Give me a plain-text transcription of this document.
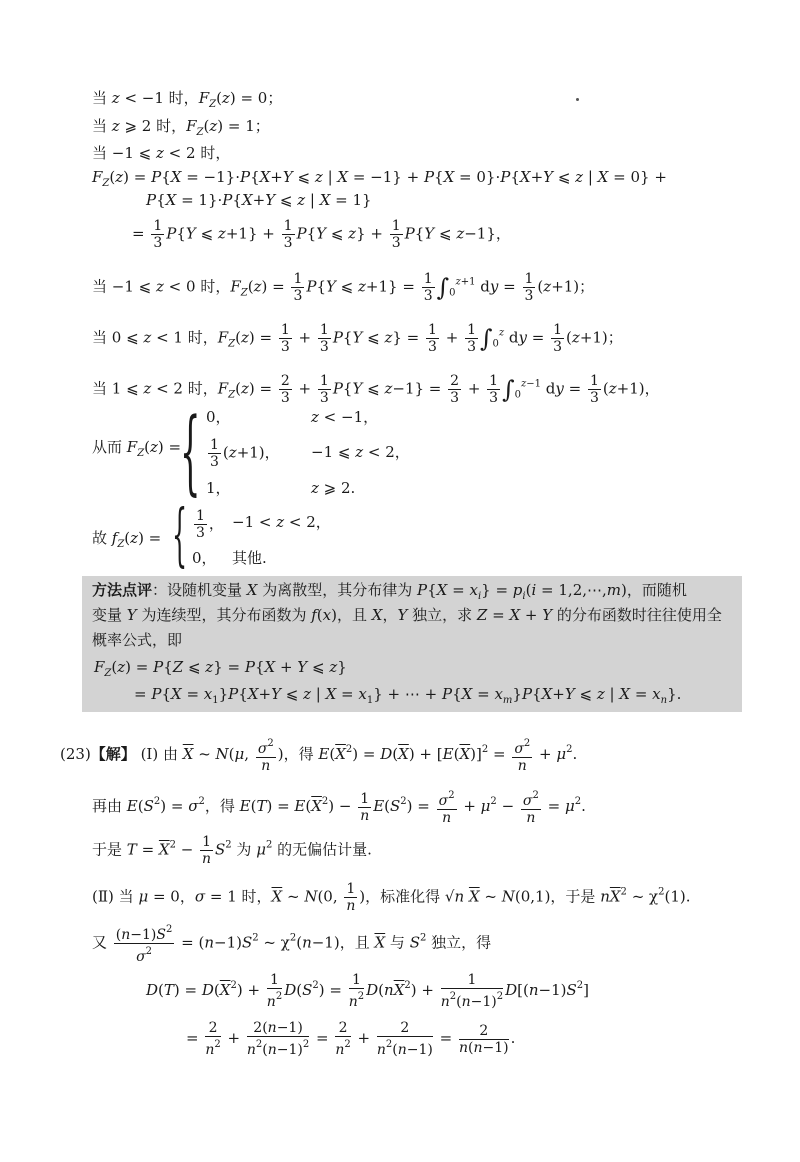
当 z < −1 时，$F_Z(z) = 0$；
当 z ⩾ 2 时，$F_Z(z) = 1$；
当 −1 ⩽ z < 2 时，
$F_Z(z) = P\{X = -1\}\cdot P\{X+Y$ ⩽ z | X = −1} + P{X = 0}·P{X+Y ⩽ z | X = 0} +
P{X = 1}·P{X+Y ⩽ z | X = 1}
= $\frac{1}{3} P\{Y$ ⩽ $z+1\} + \frac{1}{3} P\{Y$ ⩽ $z\} + \frac{1}{3} P\{Y$ ⩽ z−1}，
当 −1 ⩽ z < 0 时，$F_Z(z) = \frac{1}{3} P\{Y$ ⩽ $z+1\} = \frac{1}{3} \int_0^{z+1}$ dy = $\frac{1}{3} (z+1)$；
当 0 ⩽ z < 1 时，$F_Z(z) = \frac{1}{3} + \frac{1}{3} P\{Y$ ⩽ $z\} = \frac{1}{3} + \frac{1}{3} \int_0^z$ dy = $\frac{1}{3} (z+1)$；
当 1 ⩽ z < 2 时，$F_Z(z) = \frac{2}{3} + \frac{1}{3} P\{Y$ ⩽ $z-1\} = \frac{2}{3} + \frac{1}{3} \int_0^{z-1}$ dy = $\frac{1}{3} (z+1)$，
从而 $F_Z(z)$ =
{ 0，	z < −1，
$\frac{1}{3} (z+1)$， −1 ⩽ z < 2，
1，	z ⩾ 2.
故 $f_Z(z)$ = { $\frac{1}{3}$ ， −1 < z < 2，
0， 其他.
方法点评：设随机变量 X 为离散型，其分布律为 $P\{X = x_i\} = p_i(i$ = 1,2,⋯,m)，而随机
变量 Y 为连续型，其分布函数为 f(x)，且 X，Y 独立，求 Z = X + Y 的分布函数时往往使用全
概率公式，即
$F_Z(z) = P\{Z$ ⩽ z} = P{X + Y ⩽ z}
= $P\{X = x_1\}P\{X+Y$ ⩽ z | $X = x_1$} + ⋯ + $P\{X = x_m\}P\{X+Y$ ⩽ z | $X = x_n$}.
(23)【解】 (Ⅰ) 由 $\overline{X}$ ~ N(μ, $\frac{\sigma^2}{n}$ )，得 $E(\overline{X}^2) = D(\overline{X}) + [E(\overline{X})]^2 = \frac{\sigma^2}{n} + \mu^2$.
再由 $E(S^2) = \sigma^2$，得 $E(T) = E(\overline{X}^2) - \frac{1}{n} E(S^2) = \frac{\sigma^2}{n} + \mu^2 - \frac{\sigma^2}{n} = \mu^2$.
于是 $T = \overline{X}^2 - \frac{1}{n} S^2$ 为 $\mu^2$ 的无偏估计量.
(Ⅱ) 当 μ = 0，σ = 1 时，$\overline{X}$ ~ N(0, $\frac{1}{n}$ )，标准化得 √n $\overline{X}$ ~ N(0,1)，于是 $n\overline{X}^2$ ~ $\chi^2(1)$.
又 $\frac{(n-1)S^2}{\sigma^2} = (n-1)S^2$ ~ $\chi^2(n-1)$，且 $\overline{X}$ 与 $S^2$ 独立，得
$D(T) = D(\overline{X}^2) + \frac{1}{n^2} D(S^2) = \frac{1}{n^2} D(n\overline{X}^2) + \frac{1}{n^2(n-1)^2} D[(n-1)S^2]$
= $\frac{2}{n^2} + \frac{2(n-1)}{n^2(n-1)^2} = \frac{2}{n^2} + \frac{2}{n^2(n-1)} = \frac{2}{n(n-1)}$ .
